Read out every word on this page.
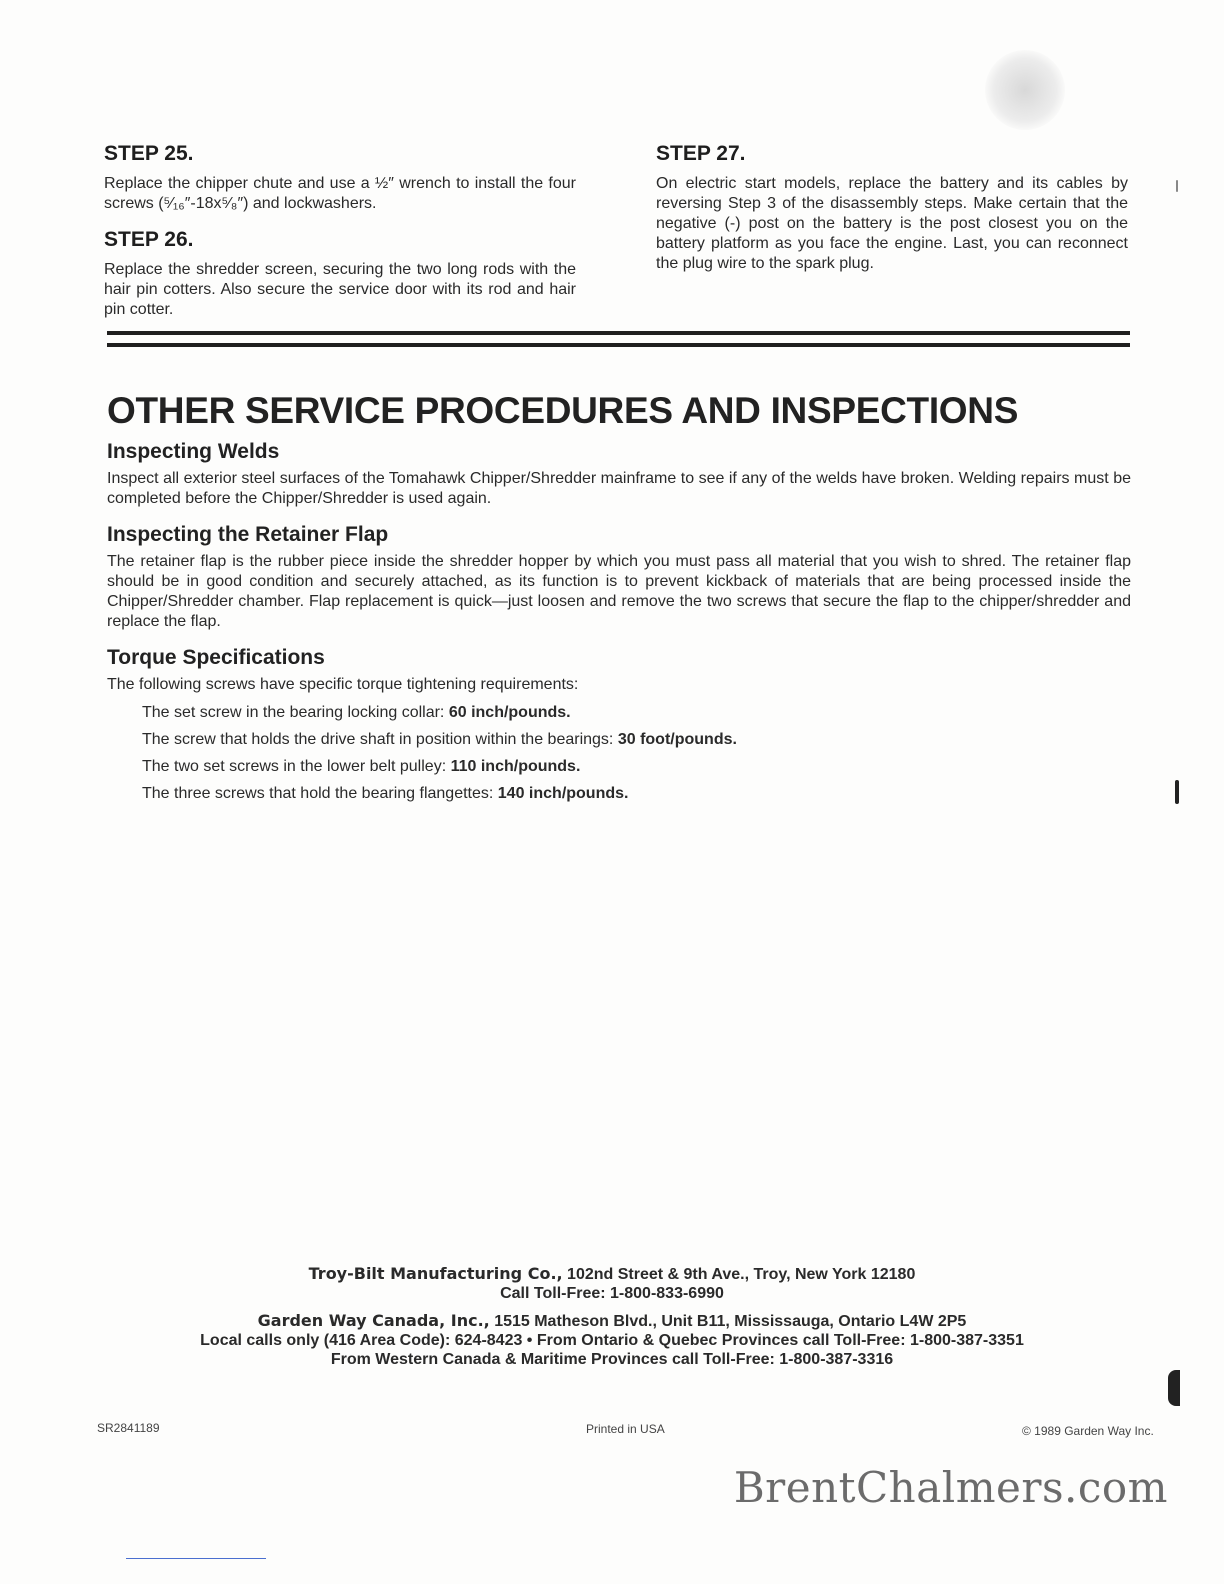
STEP 25.

Replace the chipper chute and use a ½″ wrench to install the four screws (⁵⁄₁₆″-18x⁵⁄₈″) and lockwashers.

STEP 26.

Replace the shredder screen, securing the two long rods with the hair pin cotters. Also secure the service door with its rod and hair pin cotter.

STEP 27.

On electric start models, replace the battery and its cables by reversing Step 3 of the disassembly steps. Make certain that the negative (-) post on the battery is the post closest you on the battery platform as you face the engine. Last, you can reconnect the plug wire to the spark plug.

OTHER SERVICE PROCEDURES AND INSPECTIONS
Inspecting Welds

Inspect all exterior steel surfaces of the Tomahawk Chipper/Shredder mainframe to see if any of the welds have broken. Welding repairs must be completed before the Chipper/Shredder is used again.

Inspecting the Retainer Flap

The retainer flap is the rubber piece inside the shredder hopper by which you must pass all material that you wish to shred. The retainer flap should be in good condition and securely attached, as its function is to prevent kickback of materials that are being processed inside the Chipper/Shredder chamber. Flap replacement is quick—just loosen and remove the two screws that secure the flap to the chipper/shredder and replace the flap.

Torque Specifications

The following screws have specific torque tightening requirements:

The set screw in the bearing locking collar: 60 inch/pounds.
The screw that holds the drive shaft in position within the bearings: 30 foot/pounds.
The two set screws in the lower belt pulley: 110 inch/pounds.
The three screws that hold the bearing flangettes: 140 inch/pounds.
Troy-Bilt Manufacturing Co., 102nd Street & 9th Ave., Troy, New York 12180
Call Toll-Free: 1-800-833-6990
Garden Way Canada, Inc., 1515 Matheson Blvd., Unit B11, Mississauga, Ontario L4W 2P5
Local calls only (416 Area Code): 624-8423 • From Ontario & Quebec Provinces call Toll-Free: 1-800-387-3351
From Western Canada & Maritime Provinces call Toll-Free: 1-800-387-3316
SR2841189	Printed in USA	© 1989 Garden Way Inc.
BrentChalmers.com
